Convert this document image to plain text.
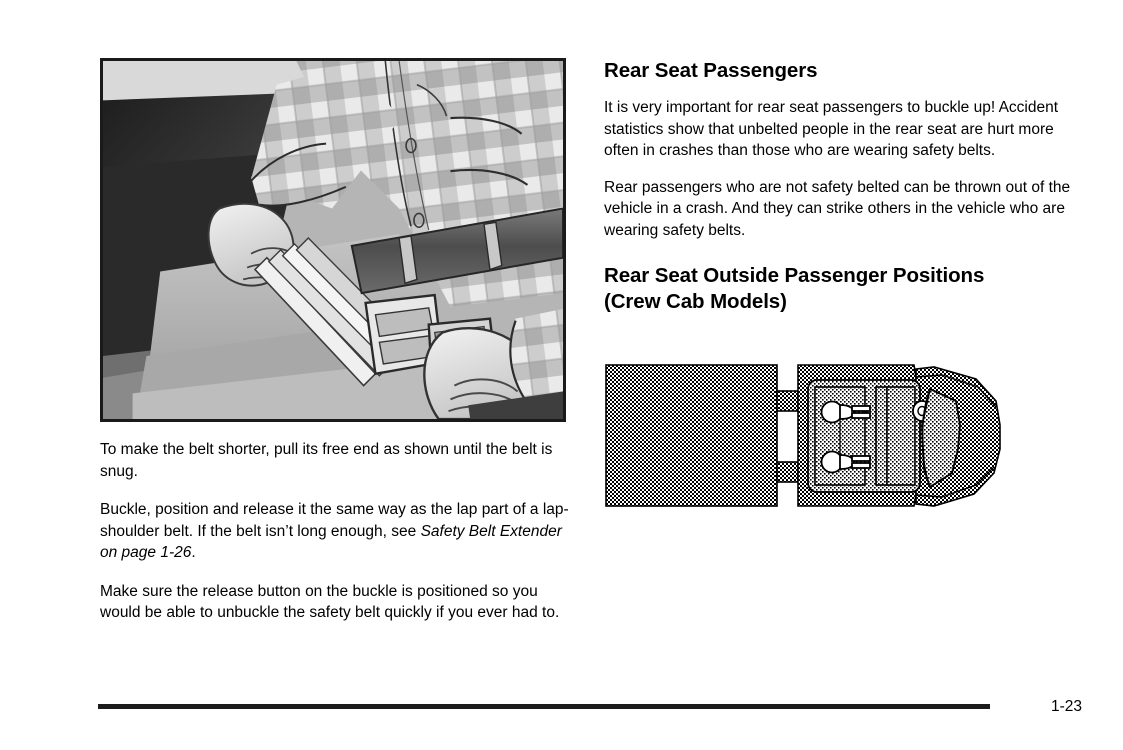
To make the belt shorter, pull its free end as shown until the belt is snug.

Buckle, position and release it the same way as the lap part of a lap-shoulder belt. If the belt isn’t long enough, see Safety Belt Extender on page 1-26.

Make sure the release button on the buckle is positioned so you would be able to unbuckle the safety belt quickly if you ever had to.

Rear Seat Passengers

It is very important for rear seat passengers to buckle up! Accident statistics show that unbelted people in the rear seat are hurt more often in crashes than those who are wearing safety belts.

Rear passengers who are not safety belted can be thrown out of the vehicle in a crash. And they can strike others in the vehicle who are wearing safety belts.

Rear Seat Outside Passenger Positions
(Crew Cab Models)
1-23
